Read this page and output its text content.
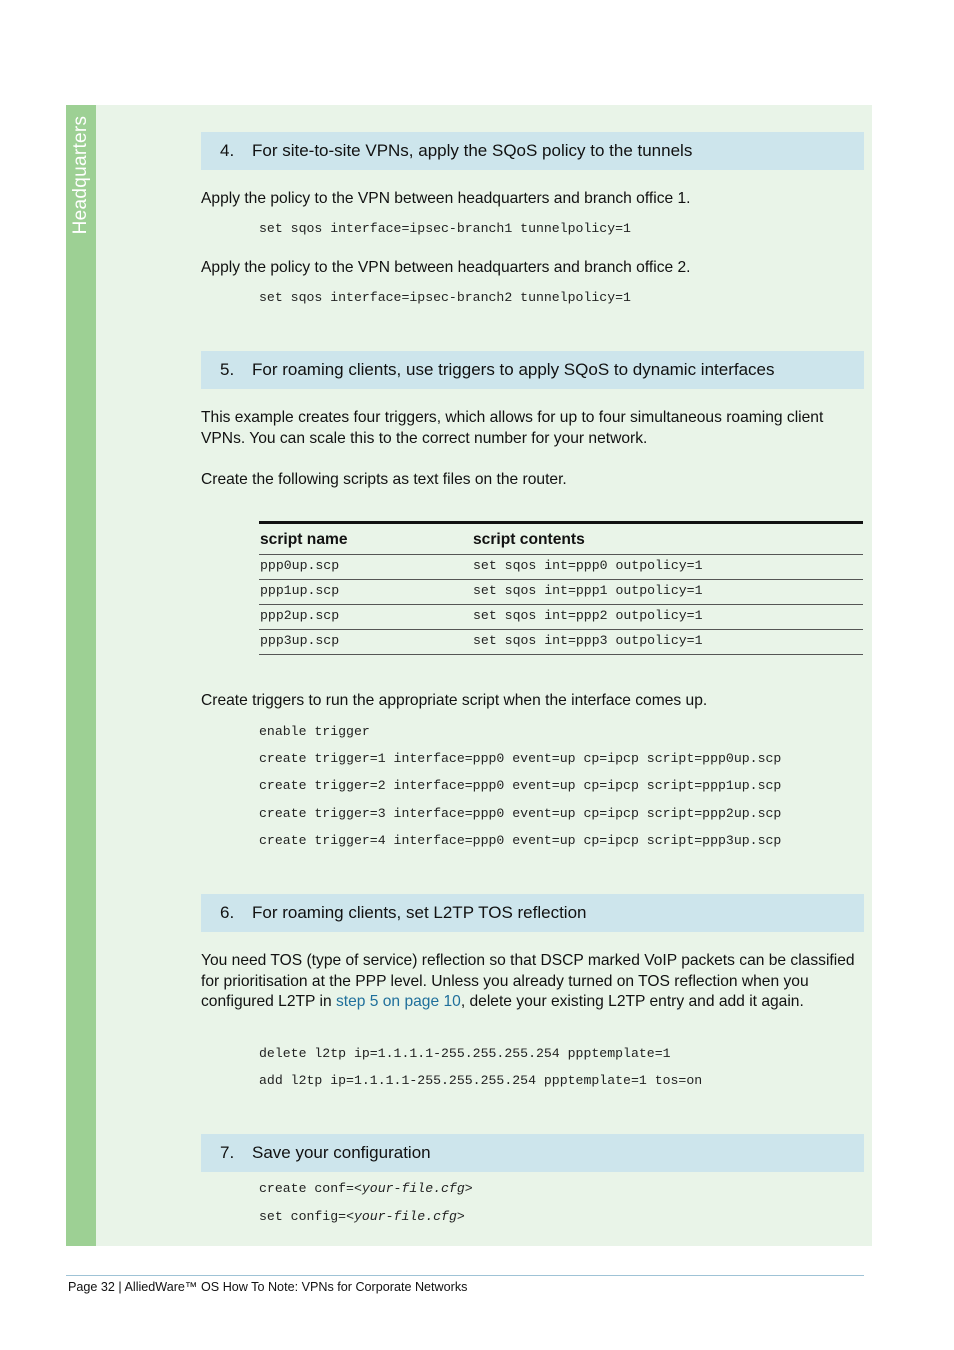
Headquarters	4. For site-to-site VPNs, apply the SQoS policy to the tunnels

Apply the policy to the VPN between headquarters and branch office 1.

set sqos interface=ipsec-branch1 tunnelpolicy=1

Apply the policy to the VPN between headquarters and branch office 2.

set sqos interface=ipsec-branch2 tunnelpolicy=1
5. For roaming clients, use triggers to apply SQoS to dynamic interfaces

This example creates four triggers, which allows for up to four simultaneous roaming client VPNs. You can scale this to the correct number for your network.

Create the following scripts as text files on the router.

script name	script contents
ppp0up.scp	set sqos int=ppp0 outpolicy=1
ppp1up.scp	set sqos int=ppp1 outpolicy=1
ppp2up.scp	set sqos int=ppp2 outpolicy=1
ppp3up.scp	set sqos int=ppp3 outpolicy=1

Create triggers to run the appropriate script when the interface comes up.

enable trigger
create trigger=1 interface=ppp0 event=up cp=ipcp script=ppp0up.scp
create trigger=2 interface=ppp0 event=up cp=ipcp script=ppp1up.scp
create trigger=3 interface=ppp0 event=up cp=ipcp script=ppp2up.scp
create trigger=4 interface=ppp0 event=up cp=ipcp script=ppp3up.scp
6. For roaming clients, set L2TP TOS reflection

You need TOS (type of service) reflection so that DSCP marked VoIP packets can be classified for prioritisation at the PPP level. Unless you already turned on TOS reflection when you configured L2TP in step 5 on page 10, delete your existing L2TP entry and add it again.

delete l2tp ip=1.1.1.1-255.255.255.254 ppptemplate=1
add l2tp ip=1.1.1.1-255.255.255.254 ppptemplate=1 tos=on
7. Save your configuration
create conf=<your-file.cfg>
set config=<your-file.cfg>
Page 32 | AlliedWare™ OS How To Note: VPNs for Corporate Networks
